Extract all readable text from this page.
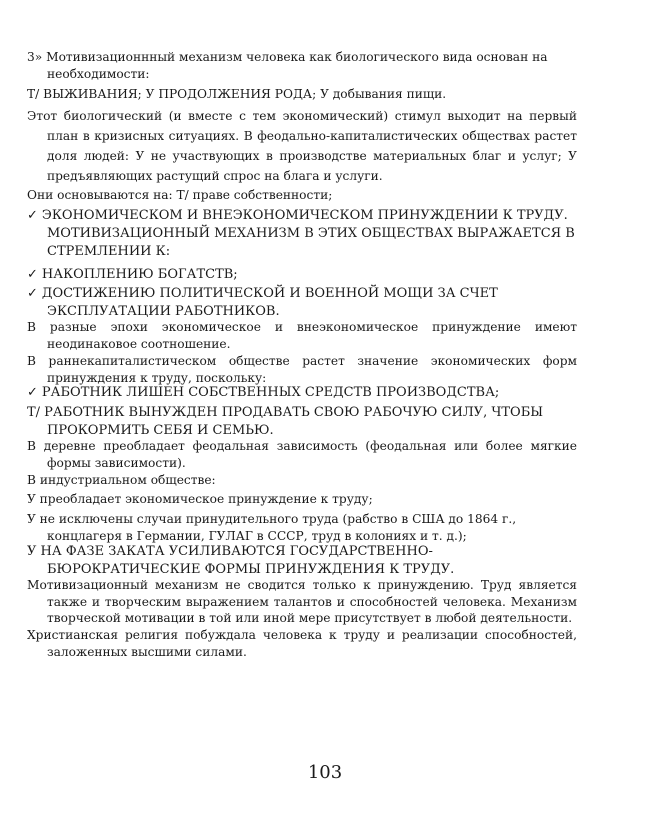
3» Мотивизационнный механизм человека как биологического вида основан на необходимости:

Т/ ВЫЖИВАНИЯ; У ПРОДОЛЖЕНИЯ РОДА; У добывания пищи.

Этот биологический (и вместе с тем экономический) стимул выходит на первый план в кризисных ситуациях. В феодально-капиталистических обществах растет доля людей: У не участвующих в производстве материальных благ и услуг; У предъявляющих растущий спрос на блага и услуги.

Они основываются на: Т/ праве собственности;

✓ ЭКОНОМИЧЕСКОМ И ВНЕЭКОНОМИЧЕСКОМ ПРИНУЖДЕНИИ К ТРУДУ. МОТИВИЗАЦИОННЫЙ МЕХАНИЗМ В ЭТИХ ОБЩЕСТВАХ ВЫРАЖАЕТСЯ В СТРЕМЛЕНИИ К:

✓ НАКОПЛЕНИЮ БОГАТСТВ;

✓ ДОСТИЖЕНИЮ ПОЛИТИЧЕСКОЙ И ВОЕННОЙ МОЩИ ЗА СЧЕТ ЭКСПЛУАТАЦИИ РАБОТНИКОВ.

В разные эпохи экономическое и внеэкономическое принуждение имеют неодинаковое соотношение.

В раннекапиталистическом обществе растет значение экономических форм принуждения к труду, поскольку:

✓ РАБОТНИК ЛИШЕН СОБСТВЕННЫХ СРЕДСТВ ПРОИЗВОДСТВА;

Т/ РАБОТНИК ВЫНУЖДЕН ПРОДАВАТЬ СВОЮ РАБОЧУЮ СИЛУ, ЧТОБЫ ПРОКОРМИТЬ СЕБЯ И СЕМЬЮ.

В деревне преобладает феодальная зависимость (феодальная или более мягкие формы зависимости).

В индустриальном обществе:

У преобладает экономическое принуждение к труду;

У не исключены случаи принудительного труда (рабство в США до 1864 г., концлагеря в Германии, ГУЛАГ в СССР, труд в колониях и т. д.);

У НА ФАЗЕ ЗАКАТА УСИЛИВАЮТСЯ ГОСУДАРСТВЕННО-БЮРОКРАТИЧЕСКИЕ ФОРМЫ ПРИНУЖДЕНИЯ К ТРУДУ.

Мотивизационный механизм не сводится только к принуждению. Труд является также и творческим выражением талантов и способностей человека. Механизм творческой мотивации в той или иной мере присутствует в любой деятельности.

Христианская религия побуждала человека к труду и реализации способностей, заложенных высшими силами.

103
